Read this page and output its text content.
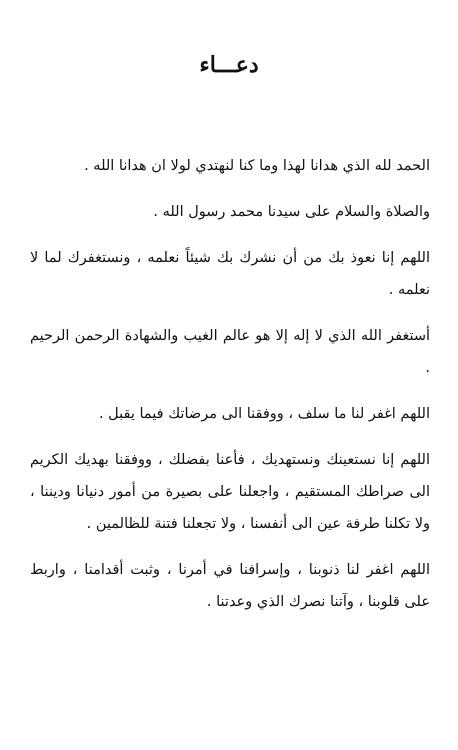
دعـــاء

الحمد لله الذي هدانا لهذا وما كنا لنهتدي لولا ان هدانا الله .

والصلاة والسلام على سيدنا محمد رسول الله .

اللهم إنا نعوذ بك من أن نشرك بك شيئاً نعلمه ، ونستغفرك لما لا نعلمه .

أستغفر الله الذي لا إله إلا هو عالم الغيب والشهادة الرحمن الرحيم .

اللهم اغفر لنا ما سلف ، ووفقنا الى مرضاتك فيما يقبل .

اللهم إنا نستعينك ونستهديك ، فأعنا بفضلك ، ووفقنا بهديك الكريم الى صراطك المستقيم ، واجعلنا على بصيرة من أمور دنيانا وديننا ، ولا تكلنا طرفة عين الى أنفسنا ، ولا تجعلنا فتنة للظالمين .

اللهم اغفر لنا ذنوبنا ، وإسرافنا في أمرنا ، وثبت أقدامنا ، واربط على قلوبنا ، وآتنا نصرك الذي وعدتنا .
